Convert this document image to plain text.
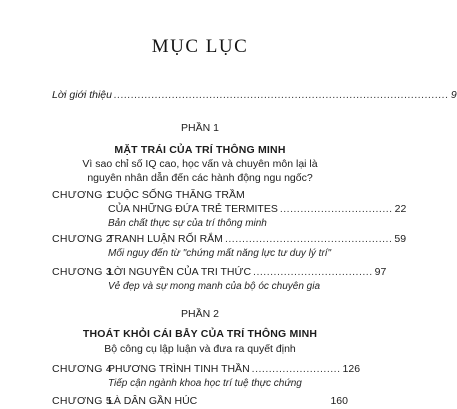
MỤC LỤC
Lời giới thiệu .................................................................................................. 9
PHẦN 1
MẶT TRÁI CỦA TRÍ THÔNG MINH
Vì sao chỉ số IQ cao, học vấn và chuyên môn lại là
nguyên nhân dẫn đến các hành động ngu ngốc?
CHƯƠNG 1
CUỘC SỐNG THĂNG TRẦM
CỦA NHỮNG ĐỨA TRẺ TERMITES ................................. 22
Bản chất thực sự của trí thông minh
CHƯƠNG 2
TRANH LUẬN RỐI RẮM ................................................. 59
Mối nguy đến từ "chứng mất năng lực tư duy lý trí"
CHƯƠNG 3
LỜI NGUYỀN CỦA TRI THỨC ................................... 97
Vẻ đẹp và sự mong manh của bộ óc chuyên gia
PHẦN 2
THOÁT KHỎI CÁI BẪY CỦA TRÍ THÔNG MINH
Bộ công cụ lập luận và đưa ra quyết định
CHƯƠNG 4
PHƯƠNG TRÌNH TINH THẦN .......................... 126
Tiếp cận ngành khoa học trí tuệ thực chứng
CHƯƠNG 5
LÀ DÂN GẦN HÚC	160
